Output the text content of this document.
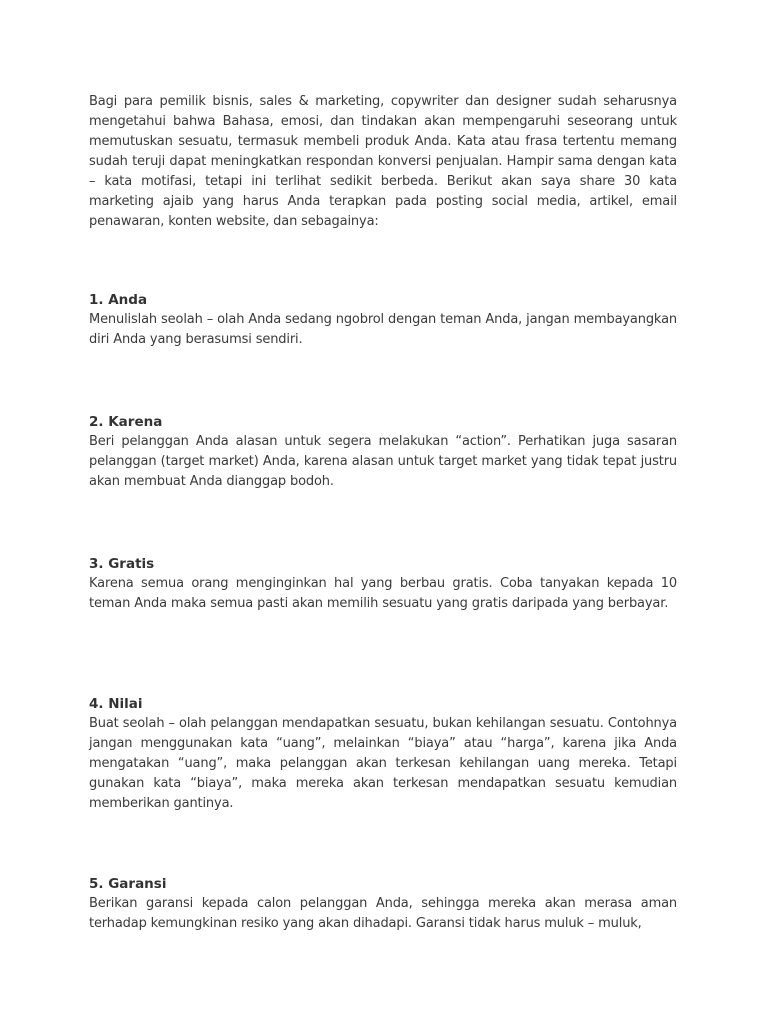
Bagi para pemilik bisnis, sales & marketing, copywriter dan designer sudah seharusnya mengetahui bahwa Bahasa, emosi, dan tindakan akan mempengaruhi seseorang untuk memutuskan sesuatu, termasuk membeli produk Anda. Kata atau frasa tertentu memang sudah teruji dapat meningkatkan respondan konversi penjualan. Hampir sama dengan kata – kata motifasi, tetapi ini terlihat sedikit berbeda. Berikut akan saya share 30 kata marketing ajaib yang harus Anda terapkan pada posting social media, artikel, email penawaran, konten website, dan sebagainya:

1. Anda

Menulislah seolah – olah Anda sedang ngobrol dengan teman Anda, jangan membayangkan diri Anda yang berasumsi sendiri.

2. Karena

Beri pelanggan Anda alasan untuk segera melakukan “action”. Perhatikan juga sasaran pelanggan (target market) Anda, karena alasan untuk target market yang tidak tepat justru akan membuat Anda dianggap bodoh.

3. Gratis

Karena semua orang menginginkan hal yang berbau gratis. Coba tanyakan kepada 10 teman Anda maka semua pasti akan memilih sesuatu yang gratis daripada yang berbayar.

4. Nilai

Buat seolah – olah pelanggan mendapatkan sesuatu, bukan kehilangan sesuatu. Contohnya jangan menggunakan kata “uang”, melainkan “biaya” atau “harga”, karena jika Anda mengatakan “uang”, maka pelanggan akan terkesan kehilangan uang mereka. Tetapi gunakan kata “biaya”, maka mereka akan terkesan mendapatkan sesuatu kemudian memberikan gantinya.

5. Garansi

Berikan garansi kepada calon pelanggan Anda, sehingga mereka akan merasa aman terhadap kemungkinan resiko yang akan dihadapi. Garansi tidak harus muluk – muluk,
